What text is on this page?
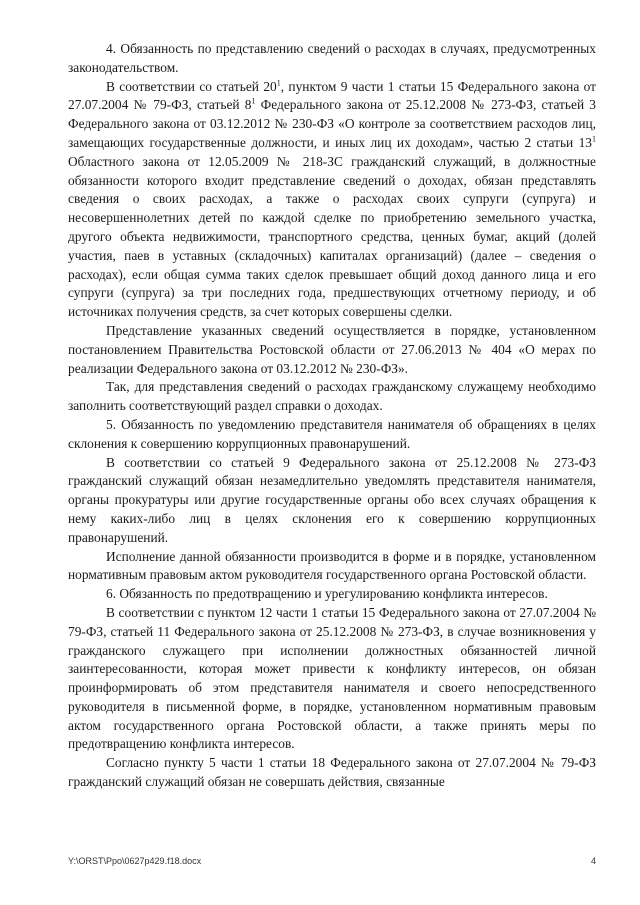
4. Обязанность по представлению сведений о расходах в случаях, предусмотренных законодательством.

В соответствии со статьей $20^1$, пунктом 9 части 1 статьи 15 Федерального закона от 27.07.2004 № 79-ФЗ, статьей $8^1$ Федерального закона от 25.12.2008 № 273-ФЗ, статьей 3 Федерального закона от 03.12.2012 № 230-ФЗ «О контроле за соответствием расходов лиц, замещающих государственные должности, и иных лиц их доходам», частью 2 статьи $13^1$ Областного закона от 12.05.2009 № 218-ЗС гражданский служащий, в должностные обязанности которого входит представление сведений о доходах, обязан представлять сведения о своих расходах, а также о расходах своих супруги (супруга) и несовершеннолетних детей по каждой сделке по приобретению земельного участка, другого объекта недвижимости, транспортного средства, ценных бумаг, акций (долей участия, паев в уставных (складочных) капиталах организаций) (далее – сведения о расходах), если общая сумма таких сделок превышает общий доход данного лица и его супруги (супруга) за три последних года, предшествующих отчетному периоду, и об источниках получения средств, за счет которых совершены сделки.

Представление указанных сведений осуществляется в порядке, установленном постановлением Правительства Ростовской области от 27.06.2013 № 404 «О мерах по реализации Федерального закона от 03.12.2012 № 230-ФЗ».

Так, для представления сведений о расходах гражданскому служащему необходимо заполнить соответствующий раздел справки о доходах.

5. Обязанность по уведомлению представителя нанимателя об обращениях в целях склонения к совершению коррупционных правонарушений.

В соответствии со статьей 9 Федерального закона от 25.12.2008 № 273-ФЗ гражданский служащий обязан незамедлительно уведомлять представителя нанимателя, органы прокуратуры или другие государственные органы обо всех случаях обращения к нему каких-либо лиц в целях склонения его к совершению коррупционных правонарушений.

Исполнение данной обязанности производится в форме и в порядке, установленном нормативным правовым актом руководителя государственного органа Ростовской области.

6. Обязанность по предотвращению и урегулированию конфликта интересов.

В соответствии с пунктом 12 части 1 статьи 15 Федерального закона от 27.07.2004 № 79-ФЗ, статьей 11 Федерального закона от 25.12.2008 № 273-ФЗ, в случае возникновения у гражданского служащего при исполнении должностных обязанностей личной заинтересованности, которая может привести к конфликту интересов, он обязан проинформировать об этом представителя нанимателя и своего непосредственного руководителя в письменной форме, в порядке, установленном нормативным правовым актом государственного органа Ростовской области, а также принять меры по предотвращению конфликта интересов.

Согласно пункту 5 части 1 статьи 18 Федерального закона от 27.07.2004 № 79-ФЗ гражданский служащий обязан не совершать действия, связанные

Y:\ORST\Ppo\0627p429.f18.docx	4
